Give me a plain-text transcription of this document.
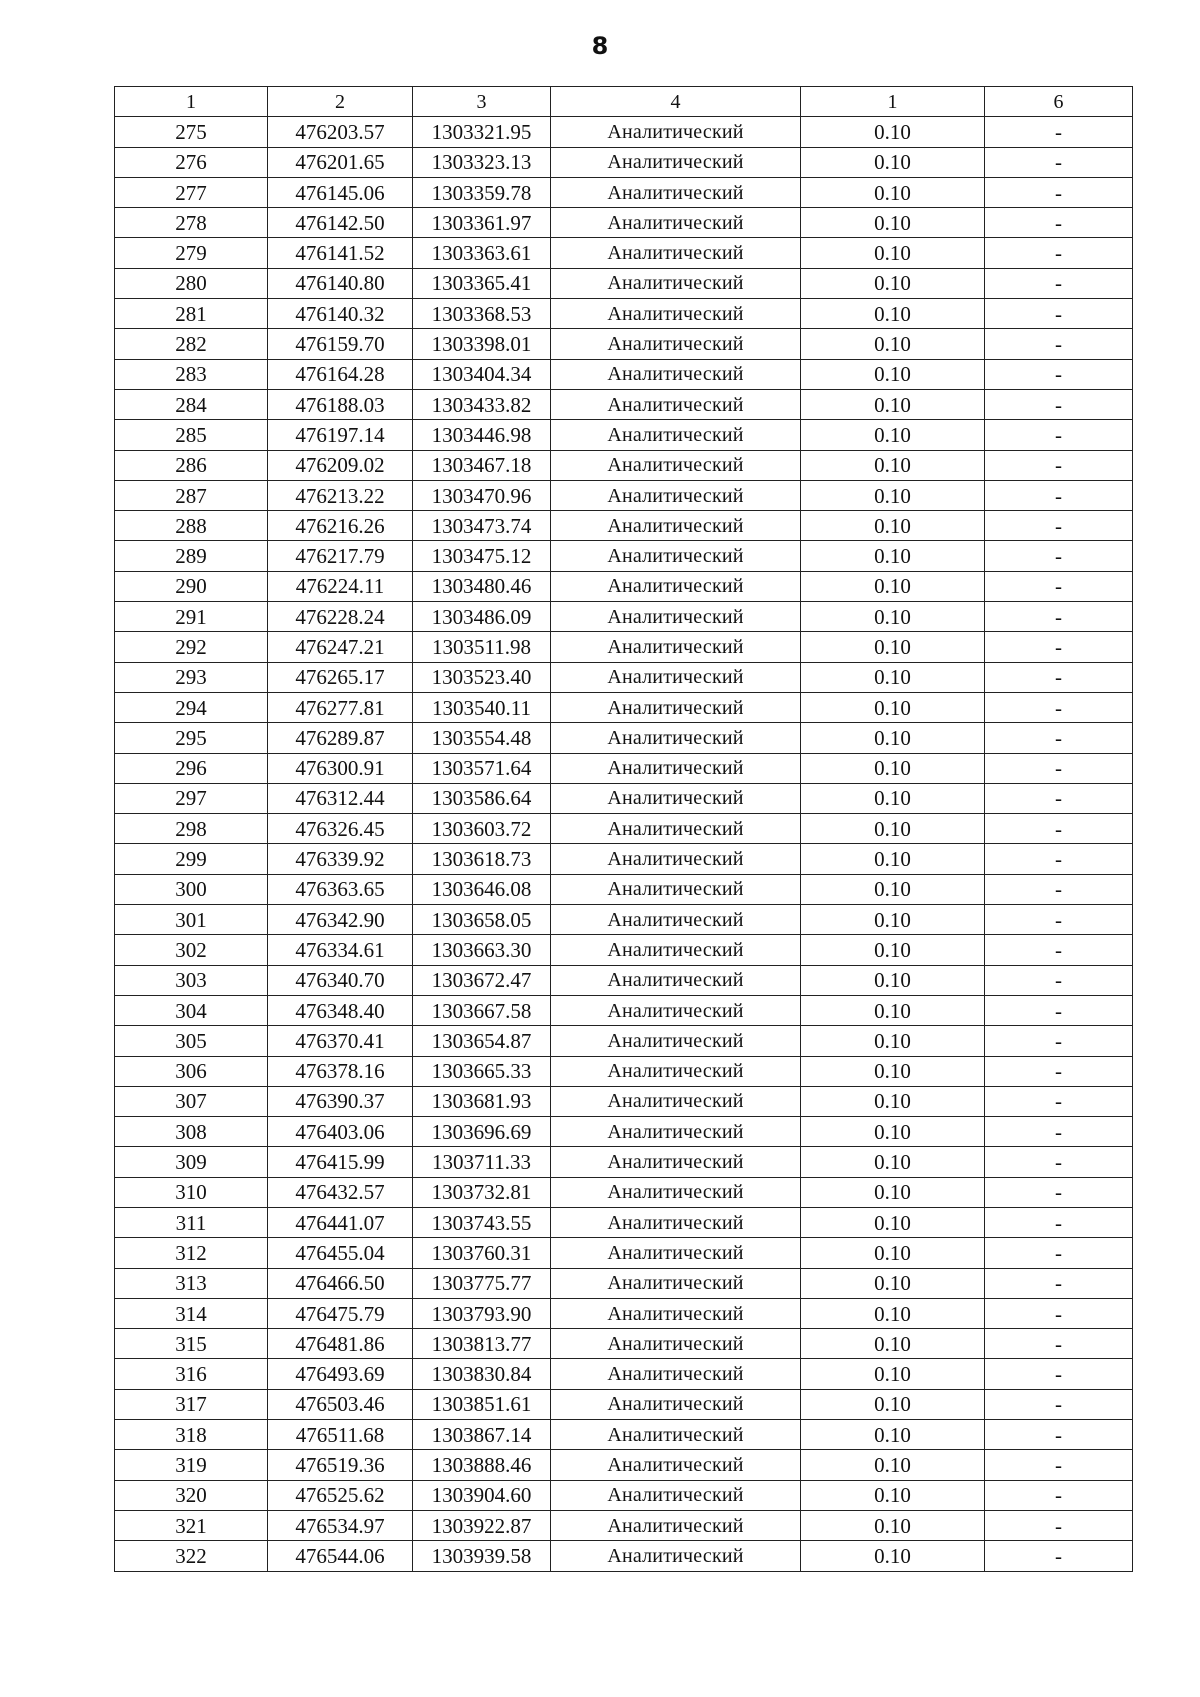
8
1	2	3	4	1	6
275	476203.57	1303321.95	Аналитический	0.10	-
276	476201.65	1303323.13	Аналитический	0.10	-
277	476145.06	1303359.78	Аналитический	0.10	-
278	476142.50	1303361.97	Аналитический	0.10	-
279	476141.52	1303363.61	Аналитический	0.10	-
280	476140.80	1303365.41	Аналитический	0.10	-
281	476140.32	1303368.53	Аналитический	0.10	-
282	476159.70	1303398.01	Аналитический	0.10	-
283	476164.28	1303404.34	Аналитический	0.10	-
284	476188.03	1303433.82	Аналитический	0.10	-
285	476197.14	1303446.98	Аналитический	0.10	-
286	476209.02	1303467.18	Аналитический	0.10	-
287	476213.22	1303470.96	Аналитический	0.10	-
288	476216.26	1303473.74	Аналитический	0.10	-
289	476217.79	1303475.12	Аналитический	0.10	-
290	476224.11	1303480.46	Аналитический	0.10	-
291	476228.24	1303486.09	Аналитический	0.10	-
292	476247.21	1303511.98	Аналитический	0.10	-
293	476265.17	1303523.40	Аналитический	0.10	-
294	476277.81	1303540.11	Аналитический	0.10	-
295	476289.87	1303554.48	Аналитический	0.10	-
296	476300.91	1303571.64	Аналитический	0.10	-
297	476312.44	1303586.64	Аналитический	0.10	-
298	476326.45	1303603.72	Аналитический	0.10	-
299	476339.92	1303618.73	Аналитический	0.10	-
300	476363.65	1303646.08	Аналитический	0.10	-
301	476342.90	1303658.05	Аналитический	0.10	-
302	476334.61	1303663.30	Аналитический	0.10	-
303	476340.70	1303672.47	Аналитический	0.10	-
304	476348.40	1303667.58	Аналитический	0.10	-
305	476370.41	1303654.87	Аналитический	0.10	-
306	476378.16	1303665.33	Аналитический	0.10	-
307	476390.37	1303681.93	Аналитический	0.10	-
308	476403.06	1303696.69	Аналитический	0.10	-
309	476415.99	1303711.33	Аналитический	0.10	-
310	476432.57	1303732.81	Аналитический	0.10	-
311	476441.07	1303743.55	Аналитический	0.10	-
312	476455.04	1303760.31	Аналитический	0.10	-
313	476466.50	1303775.77	Аналитический	0.10	-
314	476475.79	1303793.90	Аналитический	0.10	-
315	476481.86	1303813.77	Аналитический	0.10	-
316	476493.69	1303830.84	Аналитический	0.10	-
317	476503.46	1303851.61	Аналитический	0.10	-
318	476511.68	1303867.14	Аналитический	0.10	-
319	476519.36	1303888.46	Аналитический	0.10	-
320	476525.62	1303904.60	Аналитический	0.10	-
321	476534.97	1303922.87	Аналитический	0.10	-
322	476544.06	1303939.58	Аналитический	0.10	-
